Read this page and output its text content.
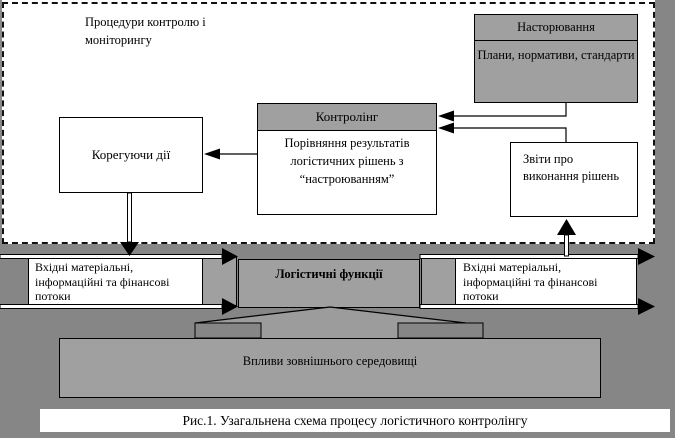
Процедури контролю і моніторингу
Насторювання
Плани, нормативи, стандарти
Контролінг
Порівняння результатів логістичних рішень з “настроюванням”
Корегуючи дії	Звіти про виконання рішень
Вхідні матеріальні, інформаційні та фінансові потоки
Логістичні функції	Вхідні матеріальні, інформаційні та фінансові потоки
Впливи зовнішнього середовищі
Рис.1. Узагальнена схема процесу логістичного контролінгу
